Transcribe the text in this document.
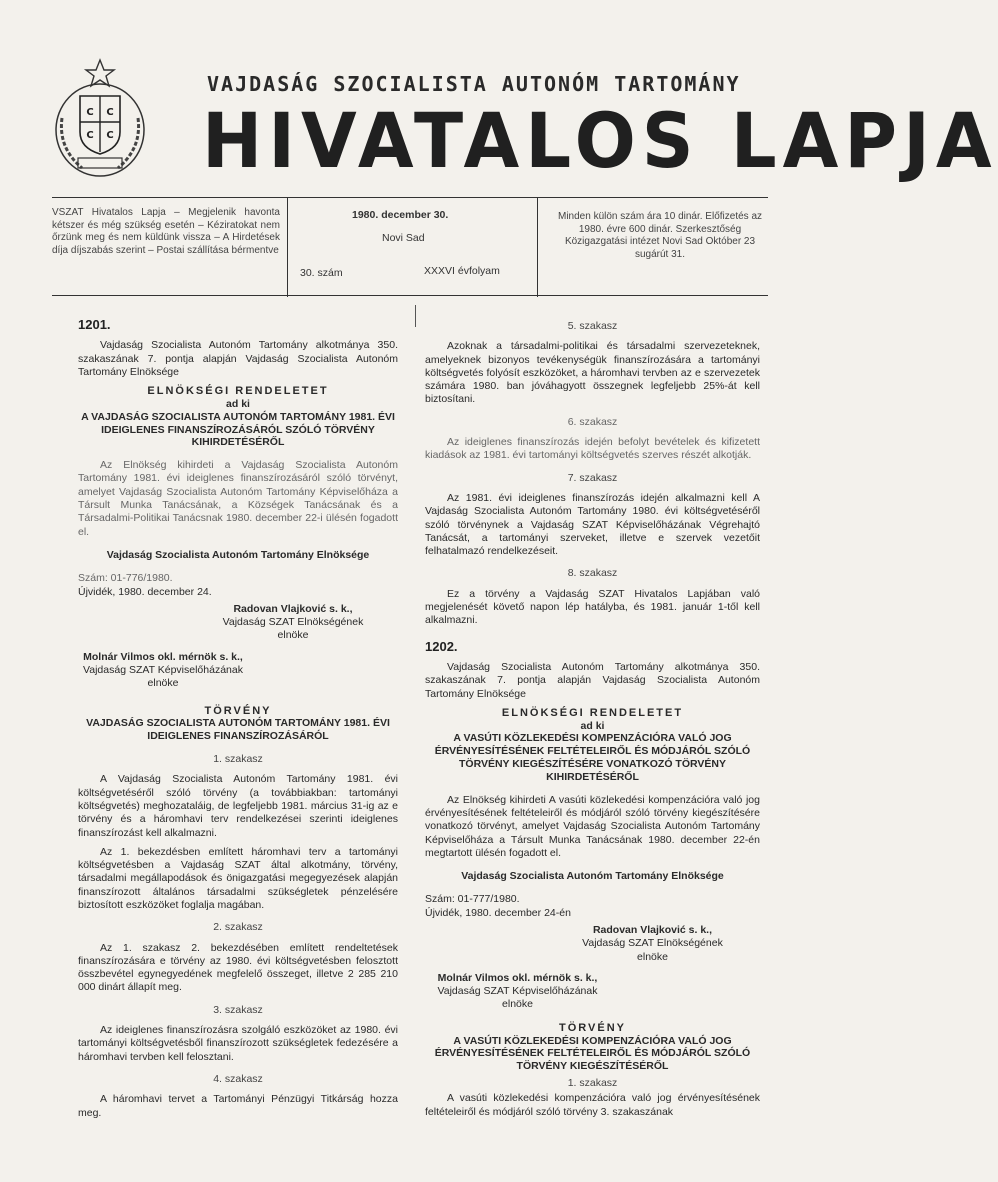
C C
C C
VAJDASÁG SZOCIALISTA AUTONÓM TARTOMÁNY
HIVATALOS LAPJA
VSZAT Hivatalos Lapja – Megjelenik havonta kétszer és még szükség esetén – Kéziratokat nem őrzünk meg és nem küldünk vissza – A Hirdetések díja díjszabás szerint – Postai szállítása bérmentve
1980. december 30.
Novi Sad
30. szám	XXXVI évfolyam
Minden külön szám ára 10 dinár. Előfizetés az 1980. évre 600 dinár. Szerkesztőség Közigazgatási intézet Novi Sad Október 23 sugárút 31.
1201.

Vajdaság Szocialista Autonóm Tartomány alkotmánya 350. szakaszának 7. pontja alapján Vajdaság Szocialista Autonóm Tartomány Elnöksége

ELNÖKSÉGI RENDELETET
ad ki
A VAJDASÁG SZOCIALISTA AUTONÓM TARTOMÁNY 1981. ÉVI IDEIGLENES FINANSZÍROZÁSÁRÓL SZÓLÓ TÖRVÉNY KIHIRDETÉSÉRŐL

Az Elnökség kihirdeti a Vajdaság Szocialista Autonóm Tartomány 1981. évi ideiglenes finanszírozásáról szóló törvényt, amelyet Vajdaság Szocialista Autonóm Tartomány Képviselőháza a Társult Munka Tanácsának, a Községek Tanácsának és a Társadalmi-Politikai Tanácsnak 1980. december 22-i ülésén fogadott el.

Vajdaság Szocialista Autonóm Tartomány Elnöksége

Szám: 01-776/1980.

Újvidék, 1980. december 24.

Radovan Vlajković s. k.,
Vajdaság SZAT Elnökségének
elnöke
Molnár Vilmos okl. mérnök s. k.,
Vajdaság SZAT Képviselőházának
elnöke
TÖRVÉNY
VAJDASÁG SZOCIALISTA AUTONÓM TARTOMÁNY 1981. ÉVI IDEIGLENES FINANSZÍROZÁSÁRÓL
1. szakasz

A Vajdaság Szocialista Autonóm Tartomány 1981. évi költségvetéséről szóló törvény (a továbbiakban: tartományi költségvetés) meghozataláig, de legfeljebb 1981. március 31-ig az e törvény és a háromhavi terv rendelkezései szerinti ideiglenes finanszírozást kell alkalmazni.

Az 1. bekezdésben említett háromhavi terv a tartományi költségvetésben a Vajdaság SZAT által alkotmány, törvény, társadalmi megállapodások és önigazgatási megegyezések alapján finanszírozott általános társadalmi szükségletek pénzelésére biztosított eszközöket foglalja magában.

2. szakasz

Az 1. szakasz 2. bekezdésében említett rendeltetések finanszírozására e törvény az 1980. évi költségvetésben felosztott összbevétel egynegyedének megfelelő összeget, illetve 2 285 210 000 dinárt állapít meg.

3. szakasz

Az ideiglenes finanszírozásra szolgáló eszközöket az 1980. évi tartományi költségvetésből finanszírozott szükségletek fedezésére a háromhavi tervben kell felosztani.

4. szakasz

A háromhavi tervet a Tartományi Pénzügyi Titkárság hozza meg.

5. szakasz

Azoknak a társadalmi-politikai és társadalmi szervezeteknek, amelyeknek bizonyos tevékenységük finanszírozására a tartományi költségvetés folyósít eszközöket, a háromhavi tervben az e szervezetek számára 1980. ban jóváhagyott összegnek legfeljebb 25%-át kell biztosítani.

6. szakasz

Az ideiglenes finanszírozás idején befolyt bevételek és kifizetett kiadások az 1981. évi tartományi költségvetés szerves részét alkotják.

7. szakasz

Az 1981. évi ideiglenes finanszírozás idején alkalmazni kell A Vajdaság Szocialista Autonóm Tartomány 1980. évi költségvetéséről szóló törvénynek a Vajdaság SZAT Képviselőházának Végrehajtó Tanácsát, a tartományi szerveket, illetve e szervek vezetőit felhatalmazó rendelkezéseit.

8. szakasz

Ez a törvény a Vajdaság SZAT Hivatalos Lapjában való megjelenését követő napon lép hatályba, és 1981. január 1-től kell alkalmazni.

1202.

Vajdaság Szocialista Autonóm Tartomány alkotmánya 350. szakaszának 7. pontja alapján Vajdaság Szocialista Autonóm Tartomány Elnöksége

ELNÖKSÉGI RENDELETET
ad ki
A VASÚTI KÖZLEKEDÉSI KOMPENZÁCIÓRA VALÓ JOG ÉRVÉNYESÍTÉSÉNEK FELTÉTELEIRŐL ÉS MÓDJÁRÓL SZÓLÓ TÖRVÉNY KIEGÉSZÍTÉSÉRE VONATKOZÓ TÖRVÉNY KIHIRDETÉSÉRŐL

Az Elnökség kihirdeti A vasúti közlekedési kompenzációra való jog érvényesítésének feltételeiről és módjáról szóló törvény kiegészítésére vonatkozó törvényt, amelyet Vajdaság Szocialista Autonóm Tartomány Képviselőháza a Társult Munka Tanácsának 1980. december 22-én megtartott ülésén fogadott el.

Vajdaság Szocialista Autonóm Tartomány Elnöksége

Szám: 01-777/1980.

Újvidék, 1980. december 24-én

Radovan Vlajković s. k.,
Vajdaság SZAT Elnökségének
elnöke
Molnár Vilmos okl. mérnök s. k.,
Vajdaság SZAT Képviselőházának
elnöke
TÖRVÉNY
A VASÚTI KÖZLEKEDÉSI KOMPENZÁCIÓRA VALÓ JOG ÉRVÉNYESÍTÉSÉNEK FELTÉTELEIRŐL ÉS MÓDJÁRÓL SZÓLÓ TÖRVÉNY KIEGÉSZÍTÉSÉRŐL
1. szakasz

A vasúti közlekedési kompenzációra való jog érvényesítésének feltételeiről és módjáról szóló törvény 3. szakaszának
